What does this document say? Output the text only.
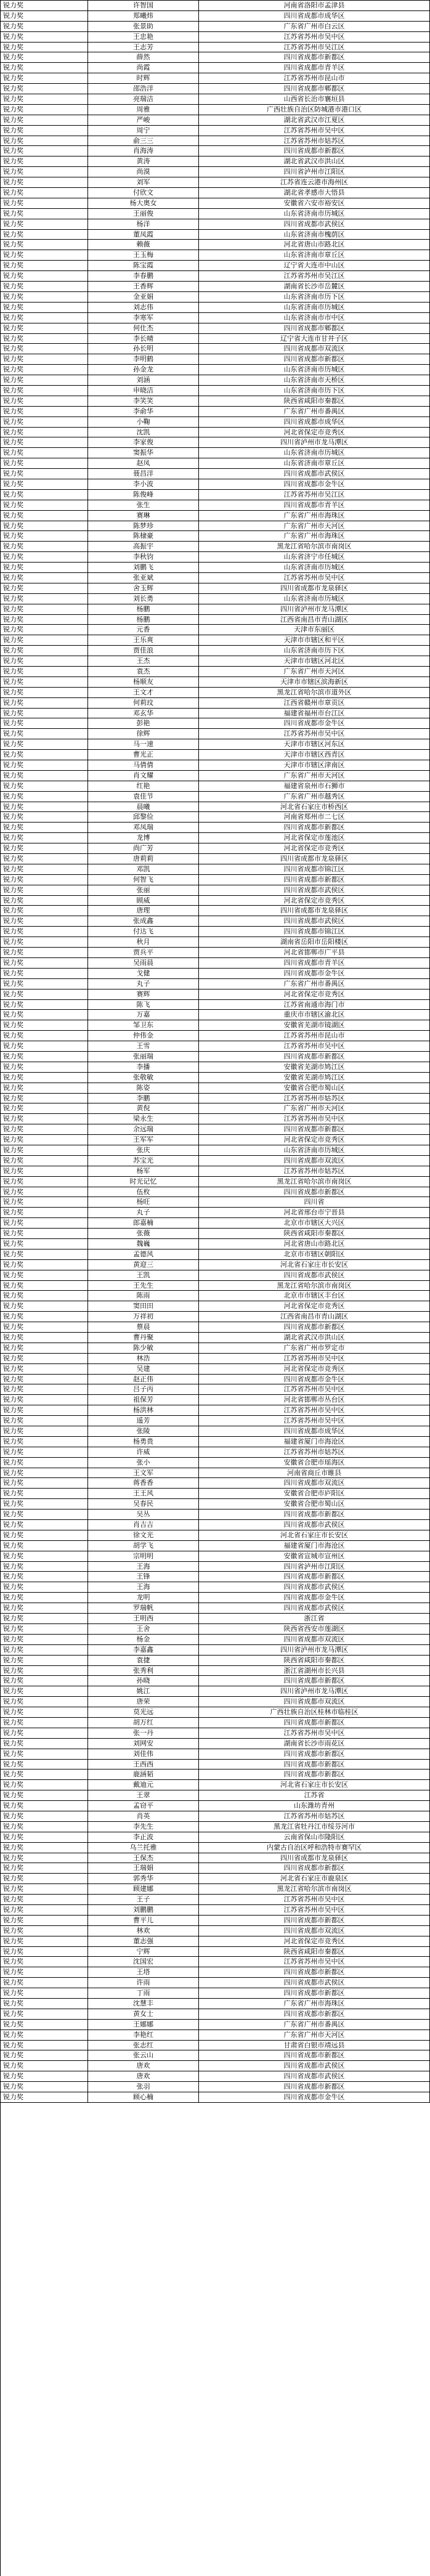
锐力奖	许智国	河南省洛阳市孟津县
锐力奖	郑曦炜	四川省成都市成华区
锐力奖	张景助	广东省广州市白云区
锐力奖	王忠艳	江苏省苏州市吴中区
锐力奖	王志芳	江苏省苏州市吴江区
锐力奖	薛然	四川省成都市新都区
锐力奖	尚霞	四川省成都市青羊区
锐力奖	时辉	江苏省苏州市昆山市
锐力奖	邵浩洋	四川省成都市郫都区
锐力奖	亮瑞洁	山西省长治市襄垣县
锐力奖	周雅	广西壮族自治区防城港市港口区
锐力奖	严峻	湖北省武汉市江夏区
锐力奖	周宁	江苏省苏州市吴中区
锐力奖	俞三三	江苏省苏州市姑苏区
锐力奖	肖海涛	四川省成都市新都区
锐力奖	黄涛	湖北省武汉市洪山区
锐力奖	尚漠	四川省泸州市江阳区
锐力奖	刘军	江苏省连云港市海州区
锐力奖	付欣文	湖北省孝感市大悟县
锐力奖	杨大奥女	安徽省六安市裕安区
锐力奖	王丽俊	山东省济南市历城区
锐力奖	杨洋	四川省成都市武侯区
锐力奖	董凤霞	山东省济南市槐荫区
锐力奖	赖薇	河北省唐山市路北区
锐力奖	王玉梅	山东省济南市章丘区
锐力奖	陈宝霞	辽宁省大连市中山区
锐力奖	李春鹏	江苏省苏州市吴江区
锐力奖	王香辉	湖南省长沙市岳麓区
锐力奖	金亚娟	山东省济南市历下区
锐力奖	刘志伟	山东省济南市历城区
锐力奖	李寒军	山东省济南市市中区
锐力奖	何仕杰	四川省成都市郫都区
锐力奖	李长晴	辽宁省大连市甘井子区
锐力奖	孙长明	四川省成都市双流区
锐力奖	李明鹤	四川省成都市新都区
锐力奖	孙金龙	山东省济南市历城区
锐力奖	刘涵	山东省济南市天桥区
锐力奖	申晓洁	山东省济南市历下区
锐力奖	李笑笑	陕西省咸阳市秦都区
锐力奖	李俞华	广东省广州市番禺区
锐力奖	小鞠	四川省成都市成华区
锐力奖	沈凯	河北省保定市竞秀区
锐力奖	李家俊	四川省泸州市龙马潭区
锐力奖	窦振华	山东省济南市历城区
锐力奖	赵凤	山东省济南市章丘区
锐力奖	聂昌洋	四川省成都市武侯区
锐力奖	李小波	四川省成都市金牛区
锐力奖	陈俊峰	江苏省苏州市吴江区
锐力奖	张生	四川省成都市青羊区
锐力奖	赛琳	广东省广州市海珠区
锐力奖	陈梦珍	广东省广州市天河区
锐力奖	陈棣豪	广东省广州市海珠区
锐力奖	高振宇	黑龙江省哈尔滨市南岗区
锐力奖	李秋钧	山东省济宁市任城区
锐力奖	刘鹏飞	山东省济南市历城区
锐力奖	张亚斌	江苏省苏州市吴中区
锐力奖	舍玉辉	四川省成都市龙泉驿区
锐力奖	刘长勇	山东省济南市历城区
锐力奖	杨鹏	四川省泸州市龙马潭区
锐力奖	杨鹏	江西省南昌市青山湖区
锐力奖	元香	天津市东丽区
锐力奖	王乐爽	天津市市辖区和平区
锐力奖	贾佳浪	山东省济南市历下区
锐力奖	王杰	天津市市辖区河北区
锐力奖	袁杰	广东省广州市天河区
锐力奖	杨顺友	天津市市辖区滨海新区
锐力奖	王文才	黑龙江省哈尔滨市道外区
锐力奖	何莉玟	江西省赣州市章贡区
锐力奖	邓玄华	福建省福州市台江区
锐力奖	彭艳	四川省成都市金牛区
锐力奖	徐辉	江苏省苏州市吴中区
锐力奖	马一速	天津市市辖区河东区
锐力奖	曹光正	天津市市辖区西青区
锐力奖	马倩倩	天津市市辖区津南区
锐力奖	肖文耀	广东省广州市天河区
锐力奖	红艳	福建省泉州市石狮市
锐力奖	袁佳节	广东省广州市越秀区
锐力奖	晨曦	河北省石家庄市桥西区
锐力奖	邱黎俭	河南省郑州市二七区
锐力奖	邓凤瑞	四川省成都市新都区
锐力奖	龙博	河北省保定市莲池区
锐力奖	尚广芳	河北省保定市竞秀区
锐力奖	唐莉莉	四川省成都市龙泉驿区
锐力奖	邓凯	四川省成都市锦江区
锐力奖	何智飞	四川省成都市新都区
锐力奖	张丽	四川省成都市武侯区
锐力奖	顾威	河北省保定市竞秀区
锐力奖	唐理	四川省成都市龙泉驿区
锐力奖	张成鑫	四川省成都市武侯区
锐力奖	付达飞	四川省成都市锦江区
锐力奖	秋月	湖南省岳阳市岳阳楼区
锐力奖	贾兵平	河北省邯郸市广平县
锐力奖	吴雨晨	四川省成都市青羊区
锐力奖	戈健	四川省成都市金牛区
锐力奖	丸子	广东省广州市番禺区
锐力奖	赛辉	河北省保定市竞秀区
锐力奖	陈飞	江苏省南通市海门市
锐力奖	万嘉	重庆市市辖区渝北区
锐力奖	邹卫东	安徽省芜湖市镜湖区
锐力奖	仲伟金	江苏省苏州市昆山市
锐力奖	王雪	江苏省苏州市吴中区
锐力奖	张丽瑞	四川省成都市新都区
锐力奖	李播	安徽省芜湖市鸠江区
锐力奖	张敬敏	安徽省芜湖市鸠江区
锐力奖	陈姿	安徽省合肥市蜀山区
锐力奖	李鹏	江苏省苏州市姑苏区
锐力奖	黄倪	广东省广州市天河区
锐力奖	梁永生	江苏省苏州市吴中区
锐力奖	余远瑞	四川省成都市新都区
锐力奖	王军军	河北省保定市竞秀区
锐力奖	张庆	山东省济南市历城区
锐力奖	苏宝光	四川省成都市双流区
锐力奖	杨军	江苏省苏州市姑苏区
锐力奖	时光记忆	黑龙江省哈尔滨市南岗区
锐力奖	伍枚	四川省成都市新都区
锐力奖	杨旺	四川省
锐力奖	丸子	河北省邢台市宁晋县
锐力奖	郎嘉楠	北京市市辖区大兴区
锐力奖	张薇	陕西省咸阳市秦都区
锐力奖	魏巍	河北省唐山市路北区
锐力奖	孟德风	北京市市辖区朝阳区
锐力奖	黄迎三	河北省石家庄市长安区
锐力奖	王凯	四川省成都市武侯区
锐力奖	王先生	黑龙江省哈尔滨市南岗区
锐力奖	陈雨	北京市市辖区丰台区
锐力奖	窦田田	河北省保定市竞秀区
锐力奖	万祥初	江西省南昌市青山湖区
锐力奖	蔡晨	四川省成都市新都区
锐力奖	曹丹聚	湖北省武汉市洪山区
锐力奖	陈少敏	广东省广州市罗定市
锐力奖	林浩	江苏省苏州市吴中区
锐力奖	吴建	河北省保定市竞秀区
锐力奖	赵正伟	四川省成都市金牛区
锐力奖	吕子丙	江苏省苏州市吴中区
锐力奖	祖保芳	河北省邯郸市丛台区
锐力奖	杨洪林	江苏省苏州市吴中区
锐力奖	遥芳	江苏省苏州市吴中区
锐力奖	张陵	四川省成都市成华区
锐力奖	杨勇贵	福建省厦门市海沧区
锐力奖	许威	江苏省苏州市姑苏区
锐力奖	张小	安徽省合肥市瑶海区
锐力奖	王文军	河南省商丘市睢县
锐力奖	蒋香香	四川省成都市双流区
锐力奖	王王风	安徽省合肥市庐阳区
锐力奖	吴春民	安徽省合肥市蜀山区
锐力奖	吴丛	四川省成都市新都区
锐力奖	肖吉吉	四川省成都市武侯区
锐力奖	徐文光	河北省石家庄市长安区
锐力奖	胡学飞	福建省厦门市海沧区
锐力奖	宗明明	安徽省宣城市宣州区
锐力奖	王海	四川省泸州市江阳区
锐力奖	王锋	四川省成都市新都区
锐力奖	王海	四川省成都市武侯区
锐力奖	龙明	四川省成都市金牛区
锐力奖	罗瑞帆	四川省成都市武侯区
锐力奖	王明西	浙江省
锐力奖	王舍	陕西省西安市莲湖区
锐力奖	杨金	四川省成都市双流区
锐力奖	李嘉鑫	四川省泸州市龙马潭区
锐力奖	袁捷	陕西省咸阳市秦都区
锐力奖	张秀利	浙江省湖州市长兴县
锐力奖	孙晓	四川省成都市新都区
锐力奖	姚江	四川省泸州市龙马潭区
锐力奖	唐荣	四川省成都市双流区
锐力奖	莫光远	广西壮族自治区桂林市临桂区
锐力奖	胡万红	四川省成都市新都区
锐力奖	张一丹	江苏省苏州市吴中区
锐力奖	刘网安	湖南省长沙市雨花区
锐力奖	刘佳伟	四川省成都市新都区
锐力奖	王西西	四川省成都市新都区
锐力奖	鹿涵韬	四川省成都市新都区
锐力奖	戴迪元	河北省石家庄市长安区
锐力奖	王翠	江苏省
锐力奖	孟窃平	山东潍坊青州
锐力奖	肖英	江苏省苏州市姑苏区
锐力奖	李先生	黑龙江省牡丹江市绥芬河市
锐力奖	李正波	云南省保山市隆阳区
锐力奖	乌兰托雅	内蒙古自治区呼和浩特市赛罕区
锐力奖	王保杰	四川省成都市龙泉驿区
锐力奖	王瑞娟	四川省成都市新都区
锐力奖	郭秀华	河北省石家庄市鹿泉区
锐力奖	顾建娜	黑龙江省哈尔滨市南岗区
锐力奖	王子	江苏省苏州市吴中区
锐力奖	刘鹏鹏	江苏省苏州市吴中区
锐力奖	曹平儿	四川省成都市新都区
锐力奖	林欢	四川省成都市双流区
锐力奖	董志强	河北省保定市竞秀区
锐力奖	宁辉	陕西省咸阳市秦都区
锐力奖	沈国宏	江苏省苏州市吴中区
锐力奖	王塔	四川省成都市新都区
锐力奖	许雨	四川省成都市武侯区
锐力奖	丁雨	四川省成都市新都区
锐力奖	沈慧丰	广东省广州市海珠区
锐力奖	黄女士	四川省成都市新都区
锐力奖	王娜娜	广东省广州市番禺区
锐力奖	李艳红	广东省广州市天河区
锐力奖	张志红	甘肃省白银市靖远县
锐力奖	张云山	四川省成都市新都区
锐力奖	唐欢	四川省成都市武侯区
锐力奖	唐欢	四川省成都市武侯区
锐力奖	张羽	四川省成都市新都区
锐力奖	顾心楠	四川省成都市金牛区
